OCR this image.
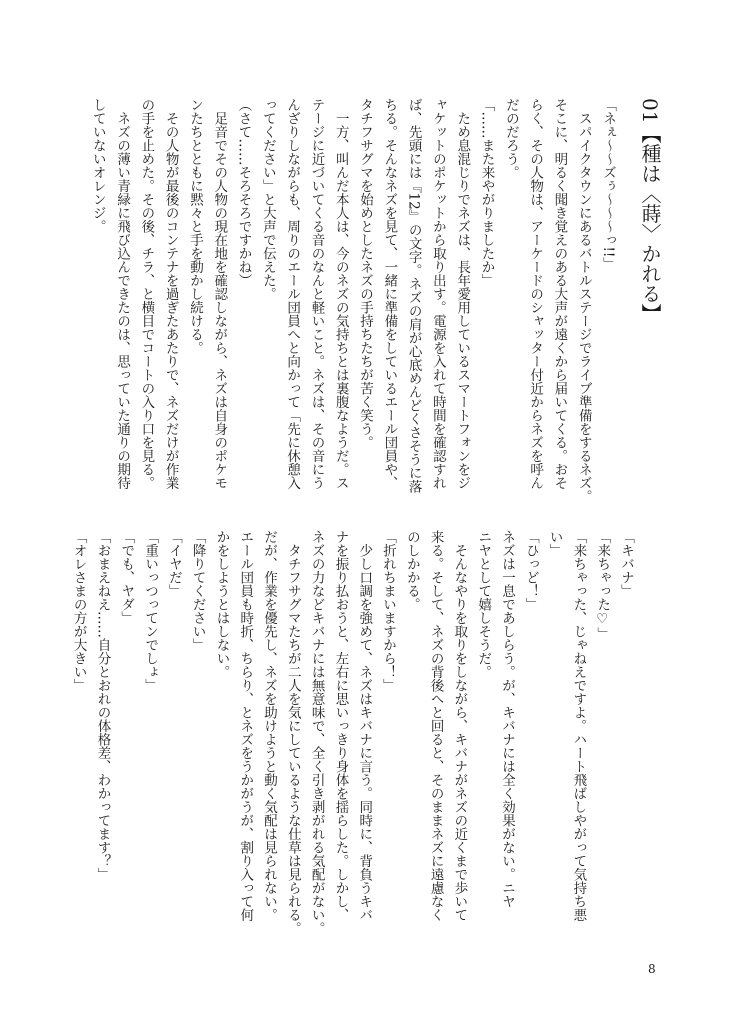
01【種は〈蒔〉かれる】
「ネぇ〜〜ズぅ〜〜〜っ!!」
　スパイクタウンにあるバトルステージでライブ準備をするネズ。
そこに、明るく聞き覚えのある大声が遠くから届いてくる。おそ
らく、その人物は、アーケードのシャッター付近からネズを呼ん
だのだろう。
「……また来やがりましたか」
　ため息混じりでネズは、長年愛用しているスマートフォンをジ
ャケットのポケットから取り出す。電源を入れて時間を確認すれ
ば、先頭には『12』の文字。ネズの肩が心底めんどくさそうに落
ちる。そんなネズを見て、一緒に準備をしているエール団員や、
タチフサグマを始めとしたネズの手持ちたちが苦く笑う。
　一方、叫んだ本人は、今のネズの気持ちとは裏腹なようだ。ス
テージに近づいてくる音のなんと軽いこと。ネズは、その音にう
んざりしながらも、周りのエール団員へと向かって「先に休憩入
ってください」と大声で伝えた。
（さて……そろそろですかね）
　足音でその人物の現在地を確認しながら、ネズは自身のポケモ
ンたちとともに黙々と手を動かし続ける。
　その人物が最後のコンテナを過ぎたあたりで、ネズだけが作業
の手を止めた。その後、チラ、と横目でコートの入り口を見る。
　ネズの薄い青緑に飛び込んできたのは、思っていた通りの期待
していないオレンジ。
「キバナ」
「来ちゃった♡」
「来ちゃった、じゃねえですよ。ハート飛ばしやがって気持ち悪
い」
「ひっど！」
ネズは一息であしらう。が、キバナには全く効果がない。ニヤ
ニヤとして嬉しそうだ。
　そんなやりを取りをしながら、キバナがネズの近くまで歩いて
来る。そして、ネズの背後へと回ると、そのままネズに遠慮なく
のしかかる。
「折れちまいますから！」
　少し口調を強めて、ネズはキバナに言う。同時に、背負うキバ
ナを振り払おうと、左右に思いっきり身体を揺らした。しかし、
ネズの力などキバナには無意味で、全く引き剥がれる気配がない。
　タチフサグマたちが二人を気にしているような仕草は見られる。
だが、作業を優先し、ネズを助けようと動く気配は見られない。
エール団員も時折、ちらり、とネズをうかがうが、割り入って何
かをしようとはしない。
「降りてください」
「イヤだ」
「重いっつってンでしょ」
「でも、ヤダ」
「おまえねえ……自分とおれの体格差、わかってます？」
「オレさまの方が大きい」
8
